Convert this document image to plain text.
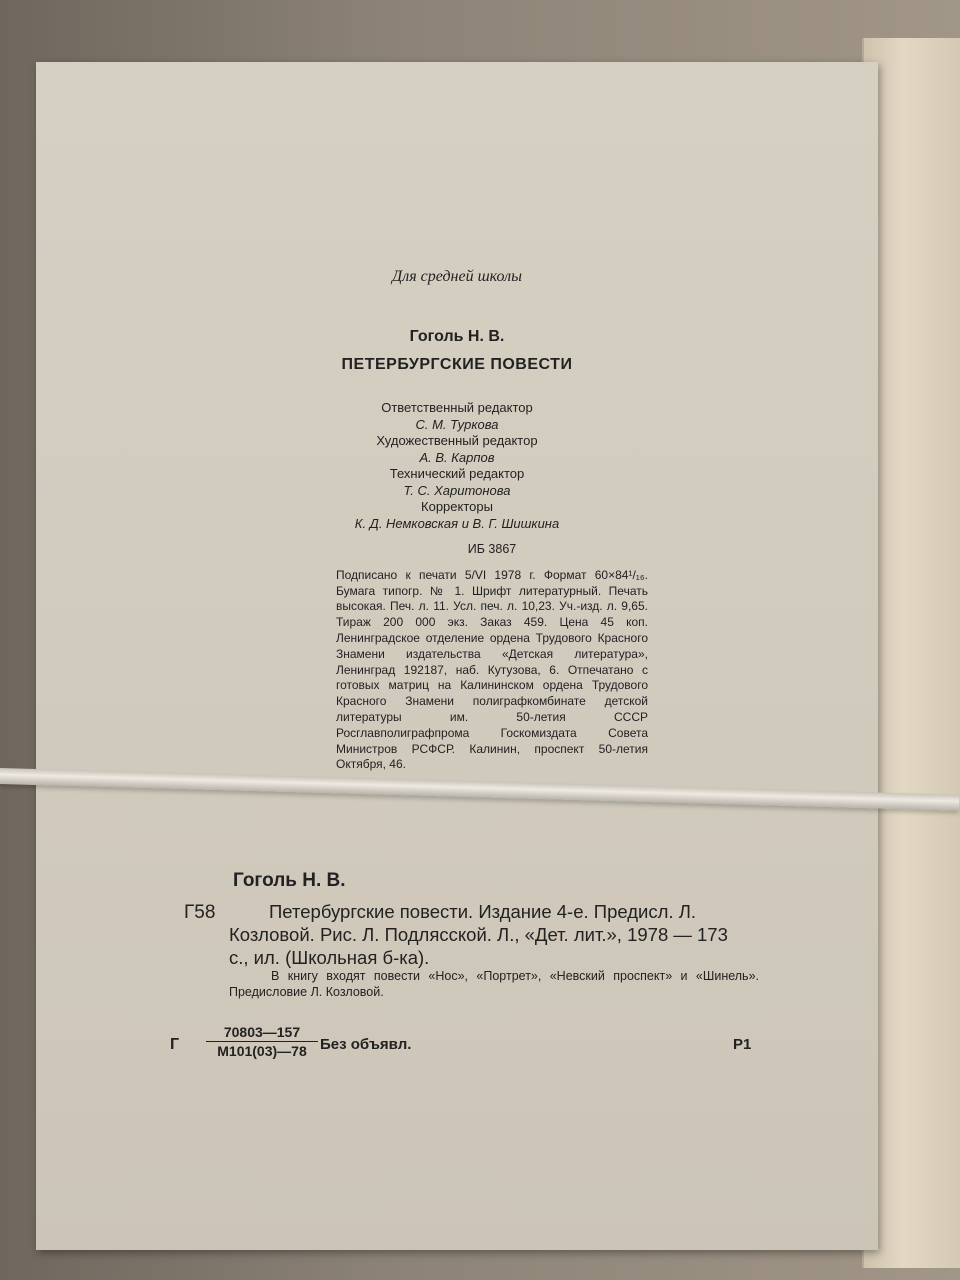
Для средней школы
Гоголь Н. В.
ПЕТЕРБУРГСКИЕ ПОВЕСТИ
Ответственный редактор
С. М. Туркова
Художественный редактор
А. В. Карпов
Технический редактор
Т. С. Харитонова
Корректоры
К. Д. Немковская и В. Г. Шишкина
ИБ 3867
Подписано к печати 5/VI 1978 г. Формат 60×84¹/₁₆. Бумага типогр. № 1. Шрифт литературный. Печать высокая. Печ. л. 11. Усл. печ. л. 10,23. Уч.-изд. л. 9,65. Тираж 200 000 экз. Заказ 459. Цена 45 коп. Ленинградское отделение ордена Трудового Красного Знамени издательства «Детская литература», Ленинград 192187, наб. Кутузова, 6. Отпечатано с готовых матриц на Калининском ордена Трудового Красного Знамени полиграфкомбинате детской литературы им. 50-летия СССР Росглавполиграфпрома Госкомиздата Совета Министров РСФСР. Калинин, проспект 50-летия Октября, 46.
Гоголь Н. В.
Г58	Петербургские повести. Издание 4-е. Предисл. Л. Козловой. Рис. Л. Подлясской. Л., «Дет. лит.», 1978 — 173 с., ил. (Школьная б-ка).
В книгу входят повести «Нос», «Портрет», «Невский проспект» и «Шинель». Предисловие Л. Козловой.
Г
70803—157
М101(03)—78 Без объявл.	Р1
